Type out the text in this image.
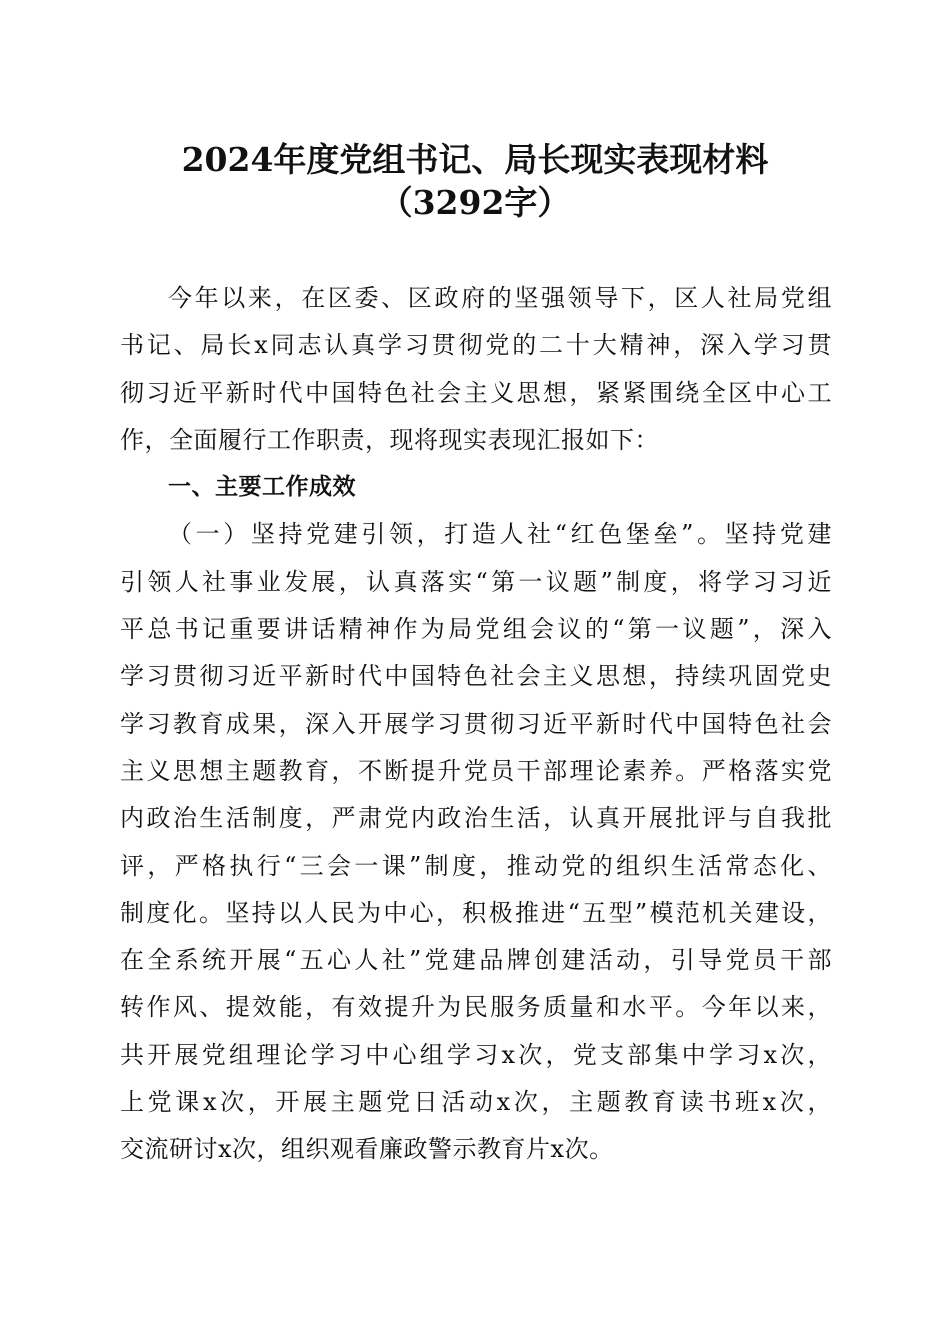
2024年度党组书记、局长现实表现材料
（3292字）
今年以来，在区委、区政府的坚强领导下，区人社局党组
书记、局长x同志认真学习贯彻党的二十大精神，深入学习贯
彻习近平新时代中国特色社会主义思想，紧紧围绕全区中心工
作，全面履行工作职责，现将现实表现汇报如下：
一、主要工作成效
（一）坚持党建引领，打造人社“红色堡垒”。坚持党建
引领人社事业发展，认真落实“第一议题”制度，将学习习近
平总书记重要讲话精神作为局党组会议的“第一议题”，深入
学习贯彻习近平新时代中国特色社会主义思想，持续巩固党史
学习教育成果，深入开展学习贯彻习近平新时代中国特色社会
主义思想主题教育，不断提升党员干部理论素养。严格落实党
内政治生活制度，严肃党内政治生活，认真开展批评与自我批
评，严格执行“三会一课”制度，推动党的组织生活常态化、
制度化。坚持以人民为中心，积极推进“五型”模范机关建设，
在全系统开展“五心人社”党建品牌创建活动，引导党员干部
转作风、提效能，有效提升为民服务质量和水平。今年以来，
共开展党组理论学习中心组学习x次，党支部集中学习x次，
上党课x次，开展主题党日活动x次，主题教育读书班x次，
交流研讨x次，组织观看廉政警示教育片x次。
